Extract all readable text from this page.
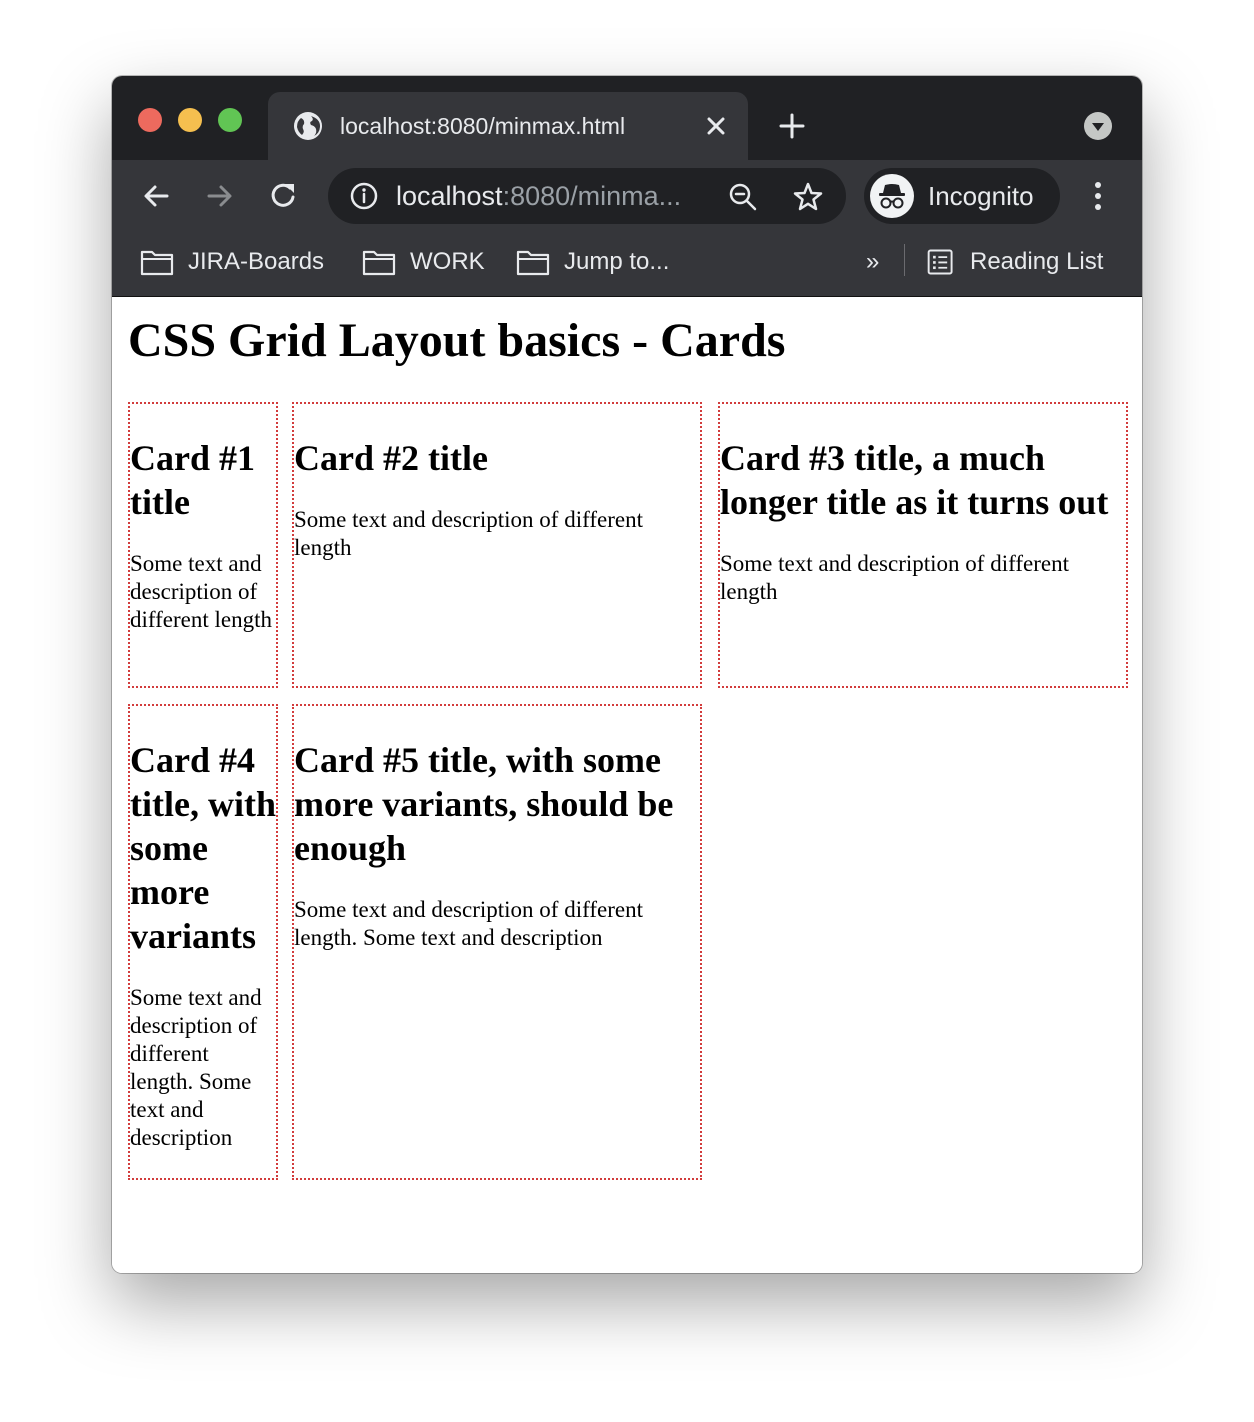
localhost:8080/minmax.html
localhost:8080/minma...	Incognito
JIRA-Boards	WORK	Jump to...	»	Reading List
CSS Grid Layout basics - Cards
Card #1 title

Some text and description of different length

Card #2 title

Some text and description of different length

Card #3 title, a much longer title as it turns out

Some text and description of different length

Card #4 title, with some more variants

Some text and description of different length. Some text and description

Card #5 title, with some more variants, should be enough

Some text and description of different length. Some text and description
